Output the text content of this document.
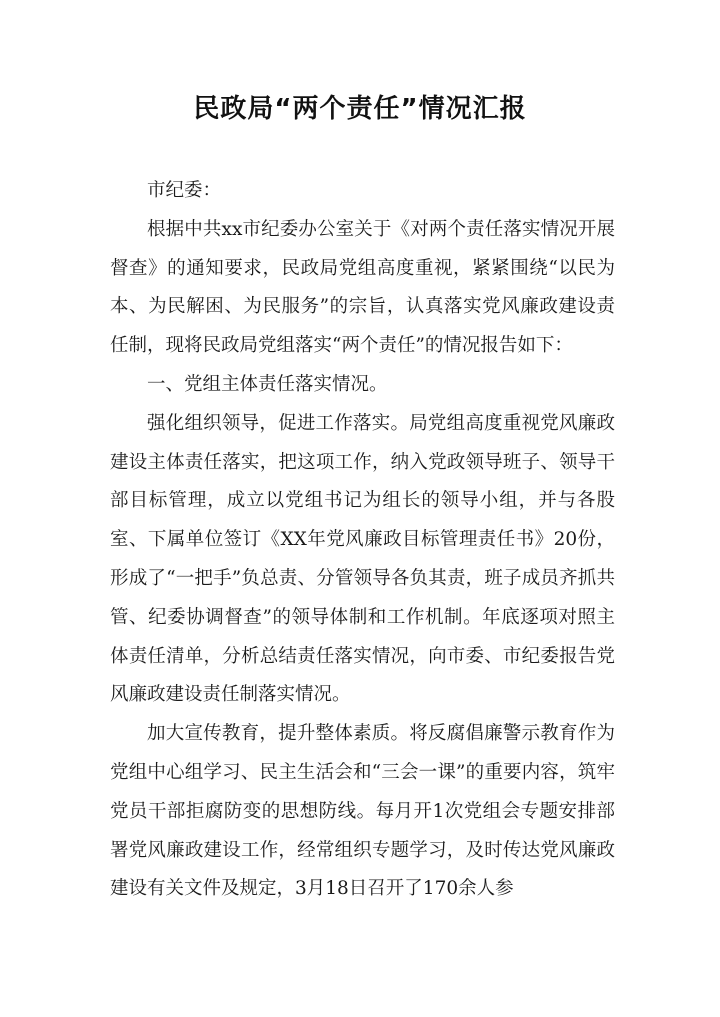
民政局“两个责任”情况汇报

市纪委：

根据中共xx市纪委办公室关于《对两个责任落实情况开展督查》的通知要求，民政局党组高度重视，紧紧围绕“以民为本、为民解困、为民服务”的宗旨，认真落实党风廉政建设责任制，现将民政局党组落实“两个责任”的情况报告如下：

一、党组主体责任落实情况。

强化组织领导，促进工作落实。局党组高度重视党风廉政建设主体责任落实，把这项工作，纳入党政领导班子、领导干部目标管理，成立以党组书记为组长的领导小组，并与各股室、下属单位签订《XX年党风廉政目标管理责任书》20份，形成了“一把手”负总责、分管领导各负其责，班子成员齐抓共管、纪委协调督查”的领导体制和工作机制。年底逐项对照主体责任清单，分析总结责任落实情况，向市委、市纪委报告党风廉政建设责任制落实情况。

加大宣传教育，提升整体素质。将反腐倡廉警示教育作为党组中心组学习、民主生活会和“三会一课”的重要内容，筑牢党员干部拒腐防变的思想防线。每月开1次党组会专题安排部署党风廉政建设工作，经常组织专题学习，及时传达党风廉政建设有关文件及规定，3月18日召开了170余人参
